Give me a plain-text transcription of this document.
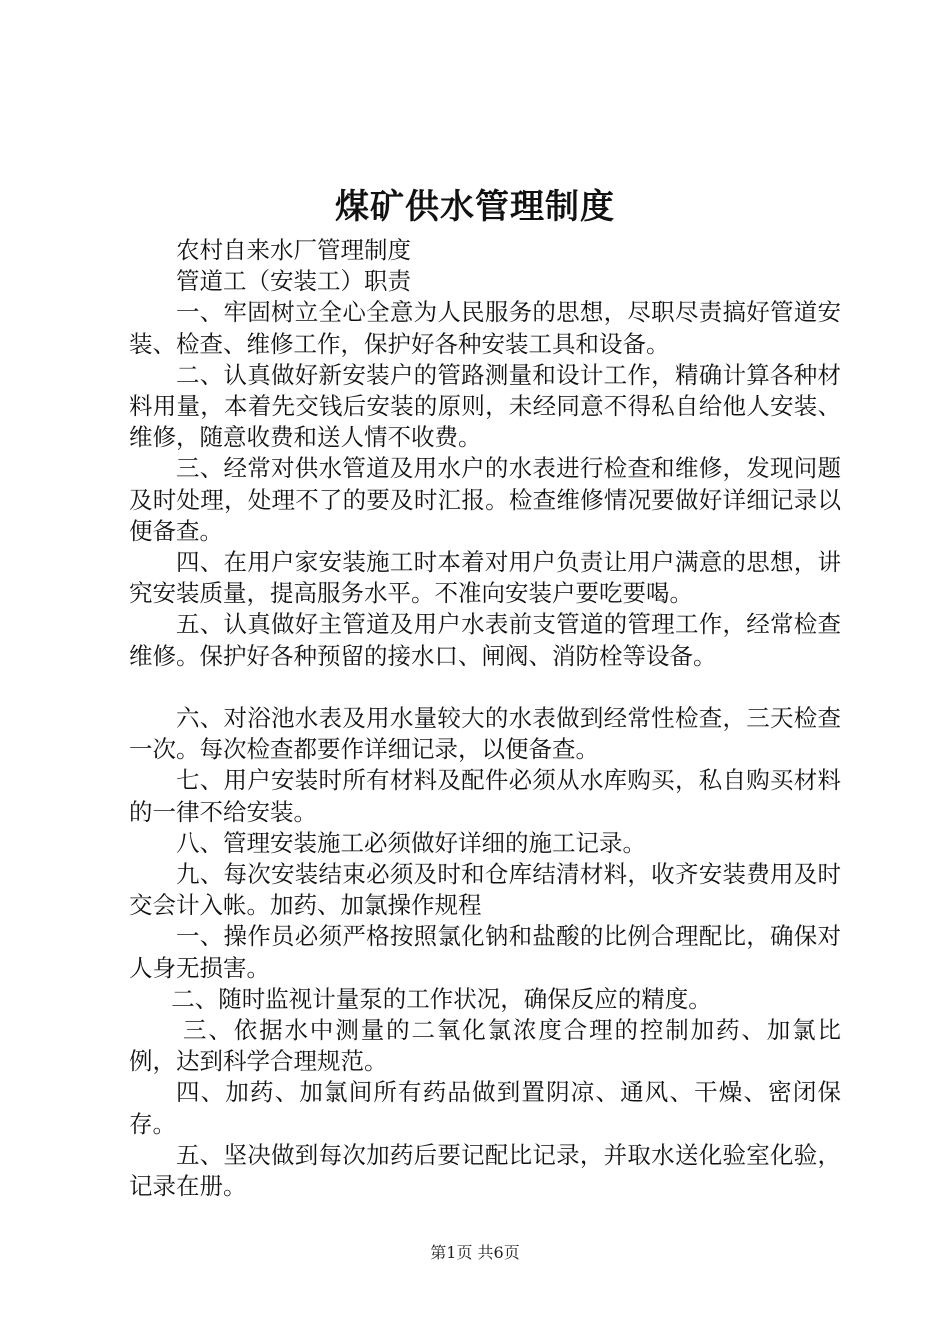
煤矿供水管理制度

农村自来水厂管理制度

管道工（安装工）职责

一、牢固树立全心全意为人民服务的思想，尽职尽责搞好管道安装、检查、维修工作，保护好各种安装工具和设备。

二、认真做好新安装户的管路测量和设计工作，精确计算各种材料用量，本着先交钱后安装的原则，未经同意不得私自给他人安装、维修，随意收费和送人情不收费。

三、经常对供水管道及用水户的水表进行检查和维修，发现问题及时处理，处理不了的要及时汇报。检查维修情况要做好详细记录以便备查。

四、在用户家安装施工时本着对用户负责让用户满意的思想，讲究安装质量，提高服务水平。不准向安装户要吃要喝。

五、认真做好主管道及用户水表前支管道的管理工作，经常检查维修。保护好各种预留的接水口、闸阀、消防栓等设备。

六、对浴池水表及用水量较大的水表做到经常性检查，三天检查一次。每次检查都要作详细记录，以便备查。

七、用户安装时所有材料及配件必须从水库购买，私自购买材料的一律不给安装。

八、管理安装施工必须做好详细的施工记录。

九、每次安装结束必须及时和仓库结清材料，收齐安装费用及时交会计入帐。加药、加氯操作规程

一、操作员必须严格按照氯化钠和盐酸的比例合理配比，确保对人身无损害。

二、随时监视计量泵的工作状况，确保反应的精度。

三、依据水中测量的二氧化氯浓度合理的控制加药、加氯比例，达到科学合理规范。

四、加药、加氯间所有药品做到置阴凉、通风、干燥、密闭保存。

五、坚决做到每次加药后要记配比记录，并取水送化验室化验，记录在册。

第1页 共6页
